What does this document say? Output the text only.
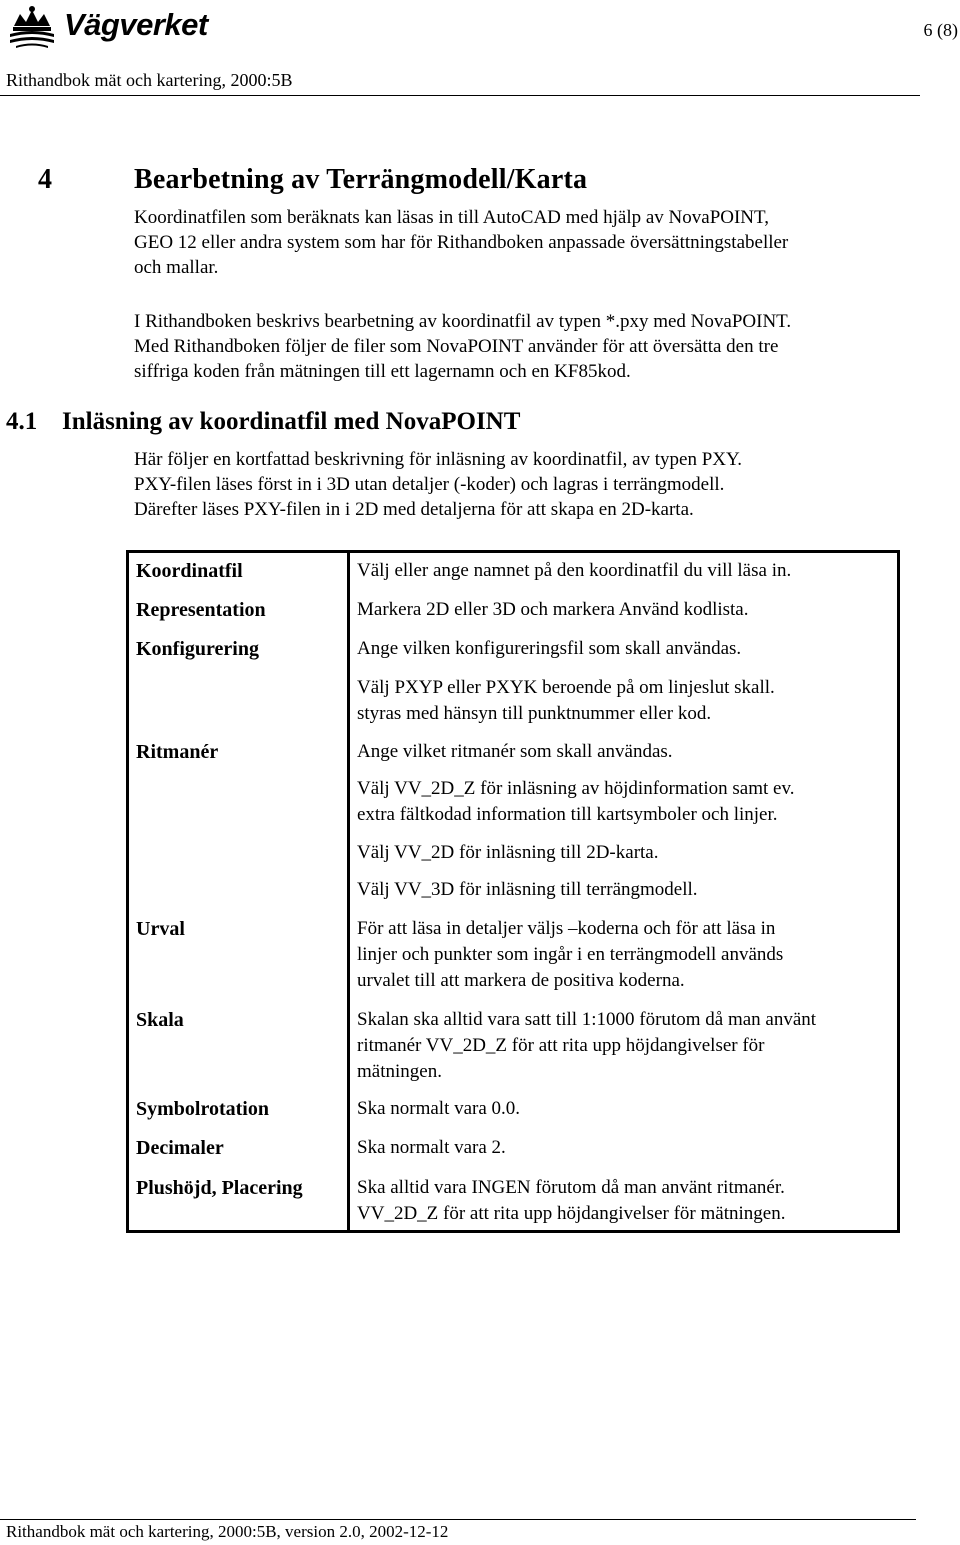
Vägverket	6 (8)
Rithandbok mät och kartering, 2000:5B
4	Bearbetning av Terrängmodell/Karta
Koordinatfilen som beräknats kan läsas in till AutoCAD med hjälp av NovaPOINT,
GEO 12 eller andra system som har för Rithandboken anpassade översättningstabeller
och mallar.
I Rithandboken beskrivs bearbetning av koordinatfil av typen *.pxy med NovaPOINT.
Med Rithandboken följer de filer som NovaPOINT använder för att översätta den tre
siffriga koden från mätningen till ett lagernamn och en KF85kod.
4.1 Inläsning av koordinatfil med NovaPOINT
Här följer en kortfattad beskrivning för inläsning av koordinatfil, av typen PXY.
PXY-filen läses först in i 3D utan detaljer (-koder) och lagras i terrängmodell.
Därefter läses PXY-filen in i 2D med detaljerna för att skapa en 2D-karta.
Koordinatfil
Representation
Konfigurering
Ritmanér
Urval
Skala
Symbolrotation
Decimaler
Plushöjd, Placering
Välj eller ange namnet på den koordinatfil du vill läsa in.
Markera 2D eller 3D och markera Använd kodlista.
Ange vilken konfigureringsfil som skall användas.
Välj PXYP eller PXYK beroende på om linjeslut skall.
styras med hänsyn till punktnummer eller kod.
Ange vilket ritmanér som skall användas.
Välj VV_2D_Z för inläsning av höjdinformation samt ev.
extra fältkodad information till kartsymboler och linjer.
Välj VV_2D för inläsning till 2D-karta.
Välj VV_3D för inläsning till terrängmodell.
För att läsa in detaljer väljs –koderna och för att läsa in
linjer och punkter som ingår i en terrängmodell används
urvalet till att markera de positiva koderna.
Skalan ska alltid vara satt till 1:1000 förutom då man använt
ritmanér VV_2D_Z för att rita upp höjdangivelser för
mätningen.
Ska normalt vara 0.0.
Ska normalt vara 2.
Ska alltid vara INGEN förutom då man använt ritmanér.
VV_2D_Z för att rita upp höjdangivelser för mätningen.
Rithandbok mät och kartering, 2000:5B, version 2.0, 2002-12-12
